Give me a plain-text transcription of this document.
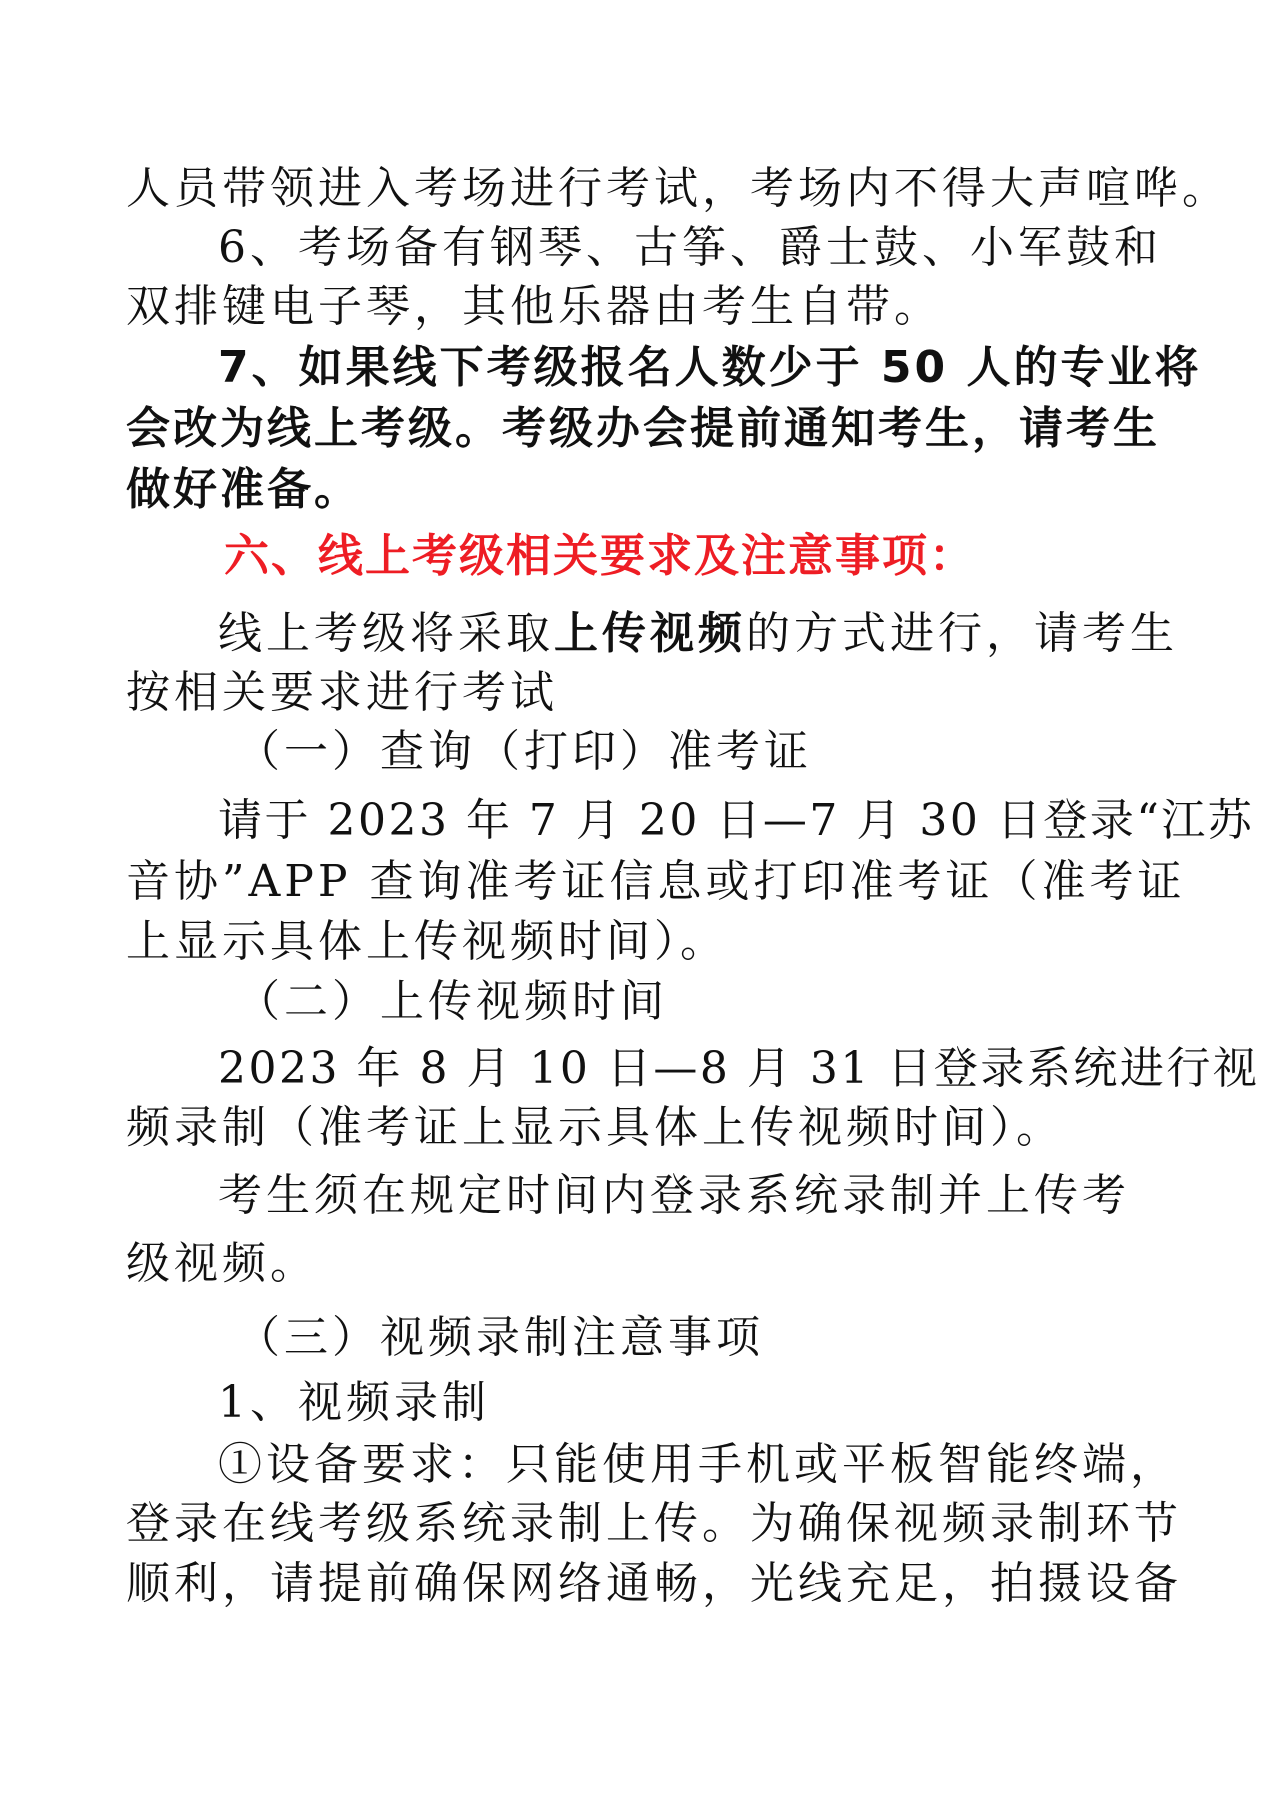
人员带领进入考场进行考试，考场内不得大声喧哗。

6、考场备有钢琴、古筝、爵士鼓、小军鼓和

双排键电子琴，其他乐器由考生自带。

7、如果线下考级报名人数少于 50 人的专业将

会改为线上考级。考级办会提前通知考生，请考生

做好准备。

六、线上考级相关要求及注意事项：

线上考级将采取上传视频的方式进行，请考生

按相关要求进行考试

（一）查询（打印）准考证

请于 2023 年 7 月 20 日—7 月 30 日登录“江苏

音协”APP 查询准考证信息或打印准考证（准考证

上显示具体上传视频时间）。

（二）上传视频时间

2023 年 8 月 10 日—8 月 31 日登录系统进行视

频录制（准考证上显示具体上传视频时间）。

考生须在规定时间内登录系统录制并上传考

级视频。

（三）视频录制注意事项

1、视频录制

①设备要求：只能使用手机或平板智能终端，

登录在线考级系统录制上传。为确保视频录制环节

顺利，请提前确保网络通畅，光线充足，拍摄设备
